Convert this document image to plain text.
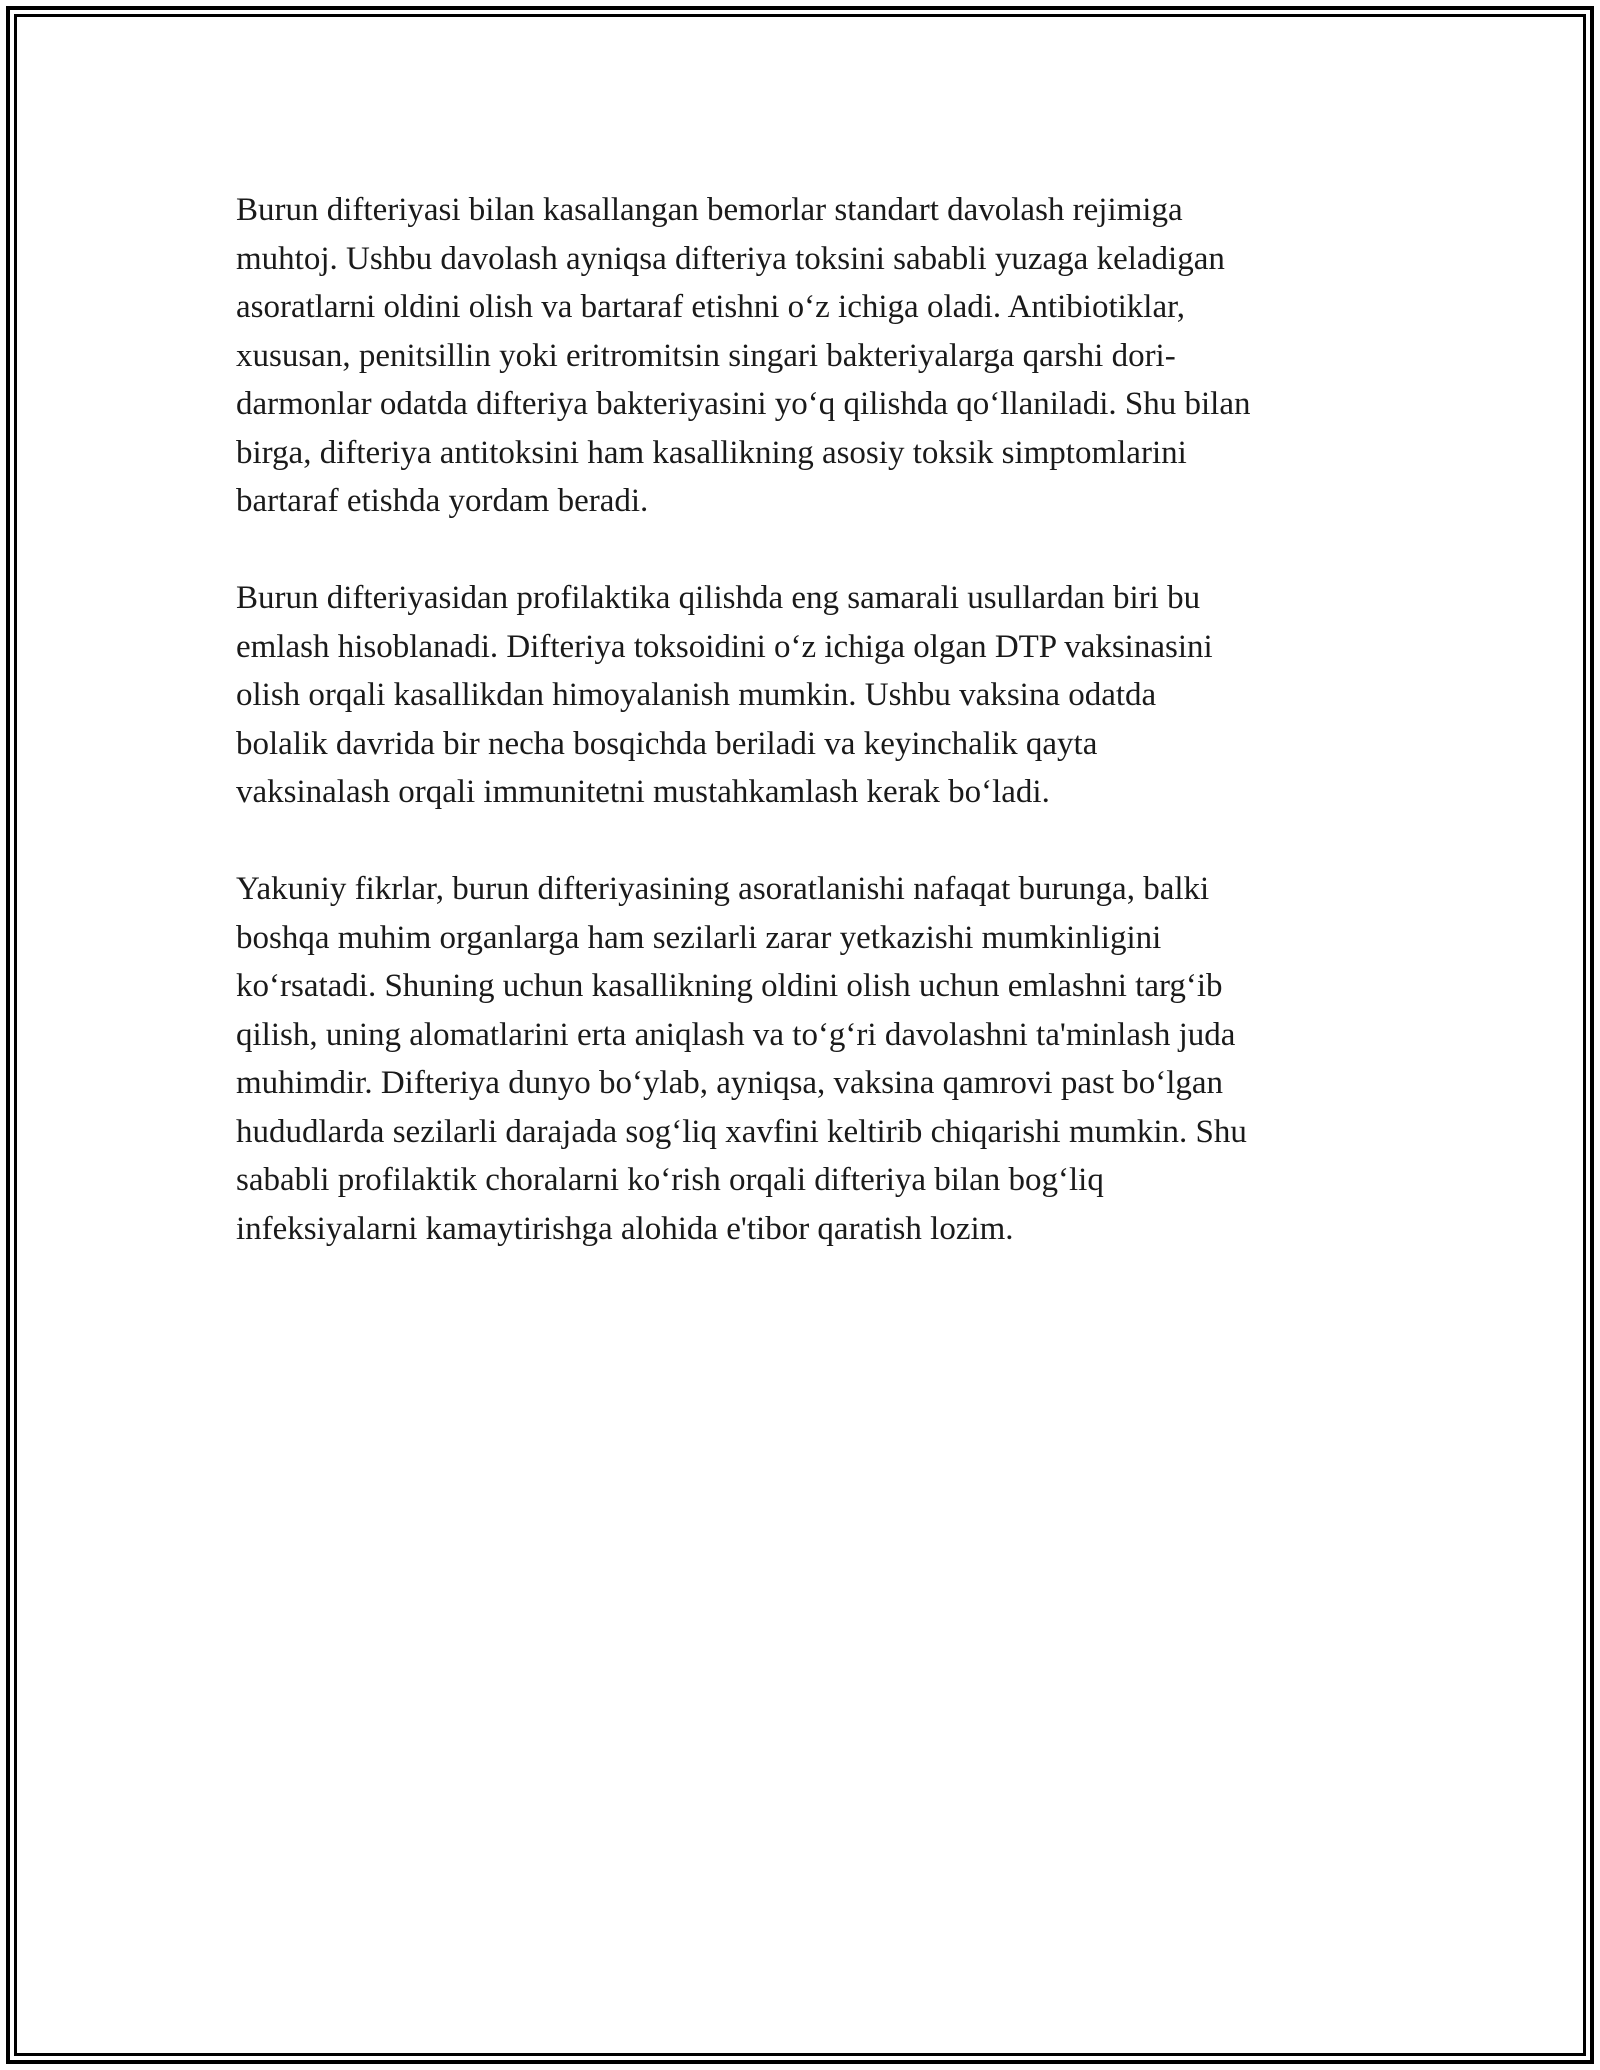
Burun difteriyasi bilan kasallangan bemorlar standart davolash rejimiga
muhtoj. Ushbu davolash ayniqsa difteriya toksini sababli yuzaga keladigan
asoratlarni oldini olish va bartaraf etishni o‘z ichiga oladi. Antibiotiklar,
xususan, penitsillin yoki eritromitsin singari bakteriyalarga qarshi dori-
darmonlar odatda difteriya bakteriyasini yo‘q qilishda qo‘llaniladi. Shu bilan
birga, difteriya antitoksini ham kasallikning asosiy toksik simptomlarini
bartaraf etishda yordam beradi.

Burun difteriyasidan profilaktika qilishda eng samarali usullardan biri bu
emlash hisoblanadi. Difteriya toksoidini o‘z ichiga olgan DTP vaksinasini
olish orqali kasallikdan himoyalanish mumkin. Ushbu vaksina odatda
bolalik davrida bir necha bosqichda beriladi va keyinchalik qayta
vaksinalash orqali immunitetni mustahkamlash kerak bo‘ladi.

Yakuniy fikrlar, burun difteriyasining asoratlanishi nafaqat burunga, balki
boshqa muhim organlarga ham sezilarli zarar yetkazishi mumkinligini
ko‘rsatadi. Shuning uchun kasallikning oldini olish uchun emlashni targ‘ib
qilish, uning alomatlarini erta aniqlash va to‘g‘ri davolashni ta'minlash juda
muhimdir. Difteriya dunyo bo‘ylab, ayniqsa, vaksina qamrovi past bo‘lgan
hududlarda sezilarli darajada sog‘liq xavfini keltirib chiqarishi mumkin. Shu
sababli profilaktik choralarni ko‘rish orqali difteriya bilan bog‘liq
infeksiyalarni kamaytirishga alohida e'tibor qaratish lozim.
